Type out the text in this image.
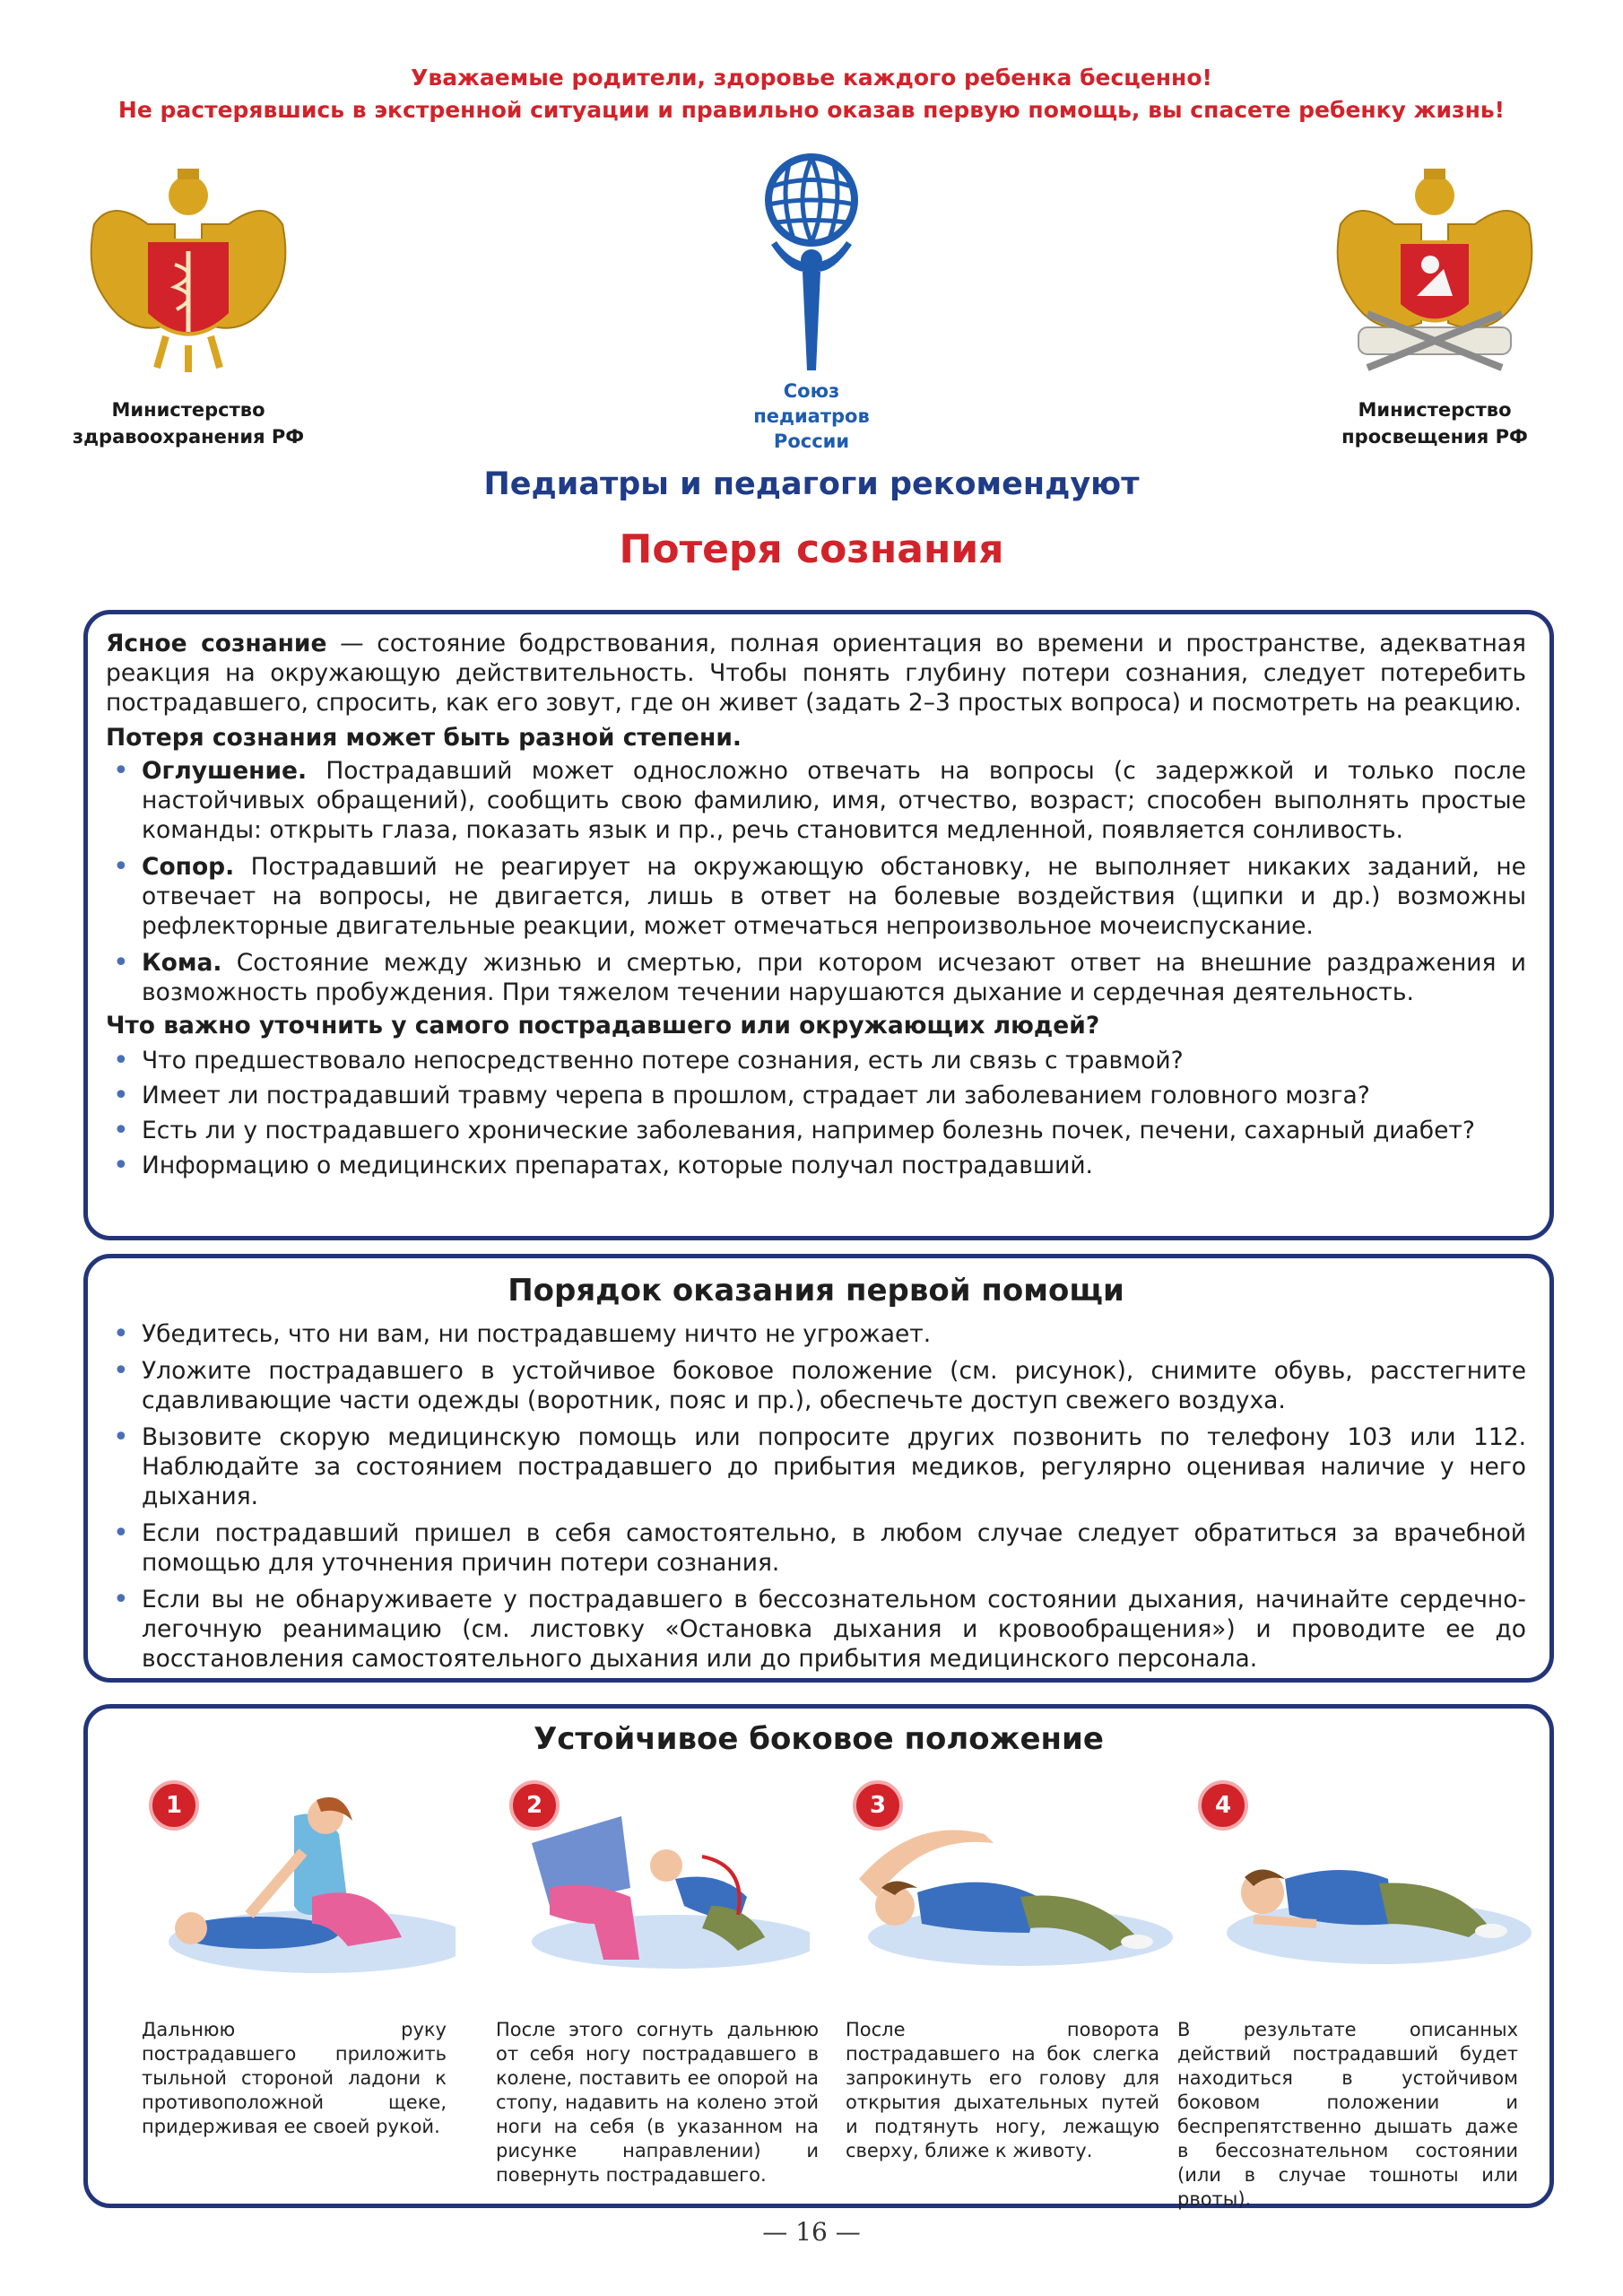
Уважаемые родители, здоровье каждого ребенка бесценно!
Не растерявшись в экстренной ситуации и правильно оказав первую помощь, вы спасете ребенку жизнь!
Министерство
здравоохранения РФ
Союз
педиатров
России
Министерство
просвещения РФ
Педиатры и педагоги рекомендуют
Потеря сознания

Ясное сознание — состояние бодрствования, полная ориентация во времени и пространстве, адекватная реакция на окружающую действительность. Чтобы понять глубину потери сознания, следует потеребить пострадавшего, спросить, как его зовут, где он живет (задать 2–3 простых вопроса) и посмотреть на реакцию.

Потеря сознания может быть разной степени.

• Оглушение. Пострадавший может односложно отвечать на вопросы (с задержкой и только после настойчивых обращений), сообщить свою фамилию, имя, отчество, возраст; способен выполнять простые команды: открыть глаза, показать язык и пр., речь становится медленной, появляется сонливость.
• Сопор. Пострадавший не реагирует на окружающую обстановку, не выполняет никаких заданий, не отвечает на вопросы, не двигается, лишь в ответ на болевые воздействия (щипки и др.) возможны рефлекторные двигательные реакции, может отмечаться непроизвольное мочеиспускание.
• Кома. Состояние между жизнью и смертью, при котором исчезают ответ на внешние раздражения и возможность пробуждения. При тяжелом течении нарушаются дыхание и сердечная деятельность.

Что важно уточнить у самого пострадавшего или окружающих людей?

• Что предшествовало непосредственно потере сознания, есть ли связь с травмой?
• Имеет ли пострадавший травму черепа в прошлом, страдает ли заболеванием головного мозга?
• Есть ли у пострадавшего хронические заболевания, например болезнь почек, печени, сахарный диабет?
• Информацию о медицинских препаратах, которые получал пострадавший.
Порядок оказания первой помощи
• Убедитесь, что ни вам, ни пострадавшему ничто не угрожает.
• Уложите пострадавшего в устойчивое боковое положение (см. рисунок), снимите обувь, расстегните сдавливающие части одежды (воротник, пояс и пр.), обеспечьте доступ свежего воздуха.
• Вызовите скорую медицинскую помощь или попросите других позвонить по телефону 103 или 112. Наблюдайте за состоянием пострадавшего до прибытия медиков, регулярно оценивая наличие у него дыхания.
• Если пострадавший пришел в себя самостоятельно, в любом случае следует обратиться за врачебной помощью для уточнения причин потери сознания.
• Если вы не обнаруживаете у пострадавшего в бессознательном состоянии дыхания, начинайте сердечно-легочную реанимацию (см. листовку «Остановка дыхания и кровообращения») и проводите ее до восстановления самостоятельного дыхания или до прибытия медицинского персонала.
Устойчивое боковое положение
1
Дальнюю руку пострадавшего приложить тыльной стороной ладони к противоположной щеке, придерживая ее своей рукой.
2
После этого согнуть дальнюю от себя ногу пострадавшего в колене, поставить ее опорой на стопу, надавить на колено этой ноги на себя (в указанном на рисунке направлении) и повернуть пострадавшего.
3
После поворота пострадавшего на бок слегка запрокинуть его голову для открытия дыхательных путей и подтянуть ногу, лежащую сверху, ближе к животу.
4
В результате описанных действий пострадавший будет находиться в устойчивом боковом положении и беспрепятственно дышать даже в бессознательном состоянии (или в случае тошноты или рвоты).
— 16 —
